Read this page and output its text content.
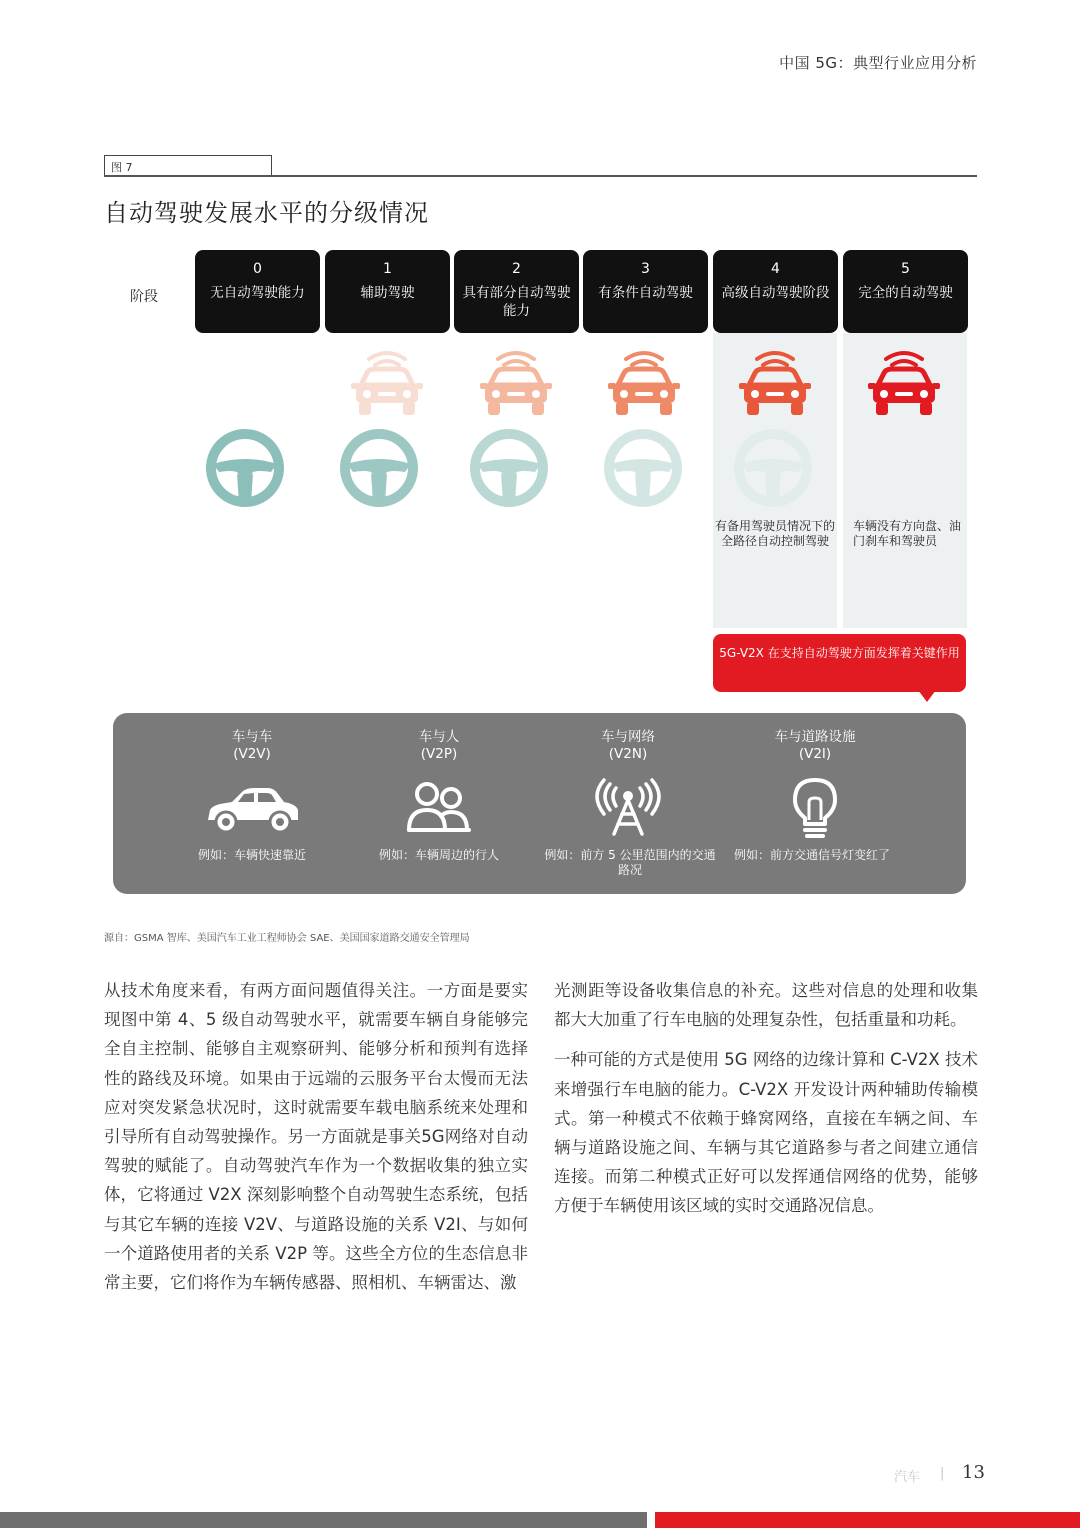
中国 5G：典型行业应用分析
图 7
自动驾驶发展水平的分级情况
阶段
0
无自动驾驶能力
1
辅助驾驶
2
具有部分自动驾驶能力
3
有条件自动驾驶
4
高级自动驾驶阶段
5
完全的自动驾驶
有备用驾驶员情况下的全路径自动控制驾驶
车辆没有方向盘、油门刹车和驾驶员
5G-V2X 在支持自动驾驶方面发挥着关键作用
车与车
(V2V)
车与人
(V2P)
车与网络
(V2N)
车与道路设施
(V2I)
例如：车辆快速靠近	例如：车辆周边的行人	例如：前方 5 公里范围内的交通路况
例如：前方交通信号灯变红了
源自：GSMA 智库、美国汽车工业工程师协会 SAE、美国国家道路交通安全管理局

从技术角度来看，有两方面问题值得关注。一方面是要实现图中第 4、5 级自动驾驶水平，就需要车辆自身能够完全自主控制、能够自主观察研判、能够分析和预判有选择性的路线及环境。如果由于远端的云服务平台太慢而无法应对突发紧急状况时，这时就需要车载电脑系统来处理和引导所有自动驾驶操作。另一方面就是事关5G网络对自动驾驶的赋能了。自动驾驶汽车作为一个数据收集的独立实体，它将通过 V2X 深刻影响整个自动驾驶生态系统，包括与其它车辆的连接 V2V、与道路设施的关系 V2I、与如何一个道路使用者的关系 V2P 等。这些全方位的生态信息非常主要，它们将作为车辆传感器、照相机、车辆雷达、激

光测距等设备收集信息的补充。这些对信息的处理和收集都大大加重了行车电脑的处理复杂性，包括重量和功耗。

一种可能的方式是使用 5G 网络的边缘计算和 C-V2X 技术来增强行车电脑的能力。C-V2X 开发设计两种辅助传输模式。第一种模式不依赖于蜂窝网络，直接在车辆之间、车辆与道路设施之间、车辆与其它道路参与者之间建立通信连接。而第二种模式正好可以发挥通信网络的优势，能够方便于车辆使用该区域的实时交通路况信息。

汽车 | 13
